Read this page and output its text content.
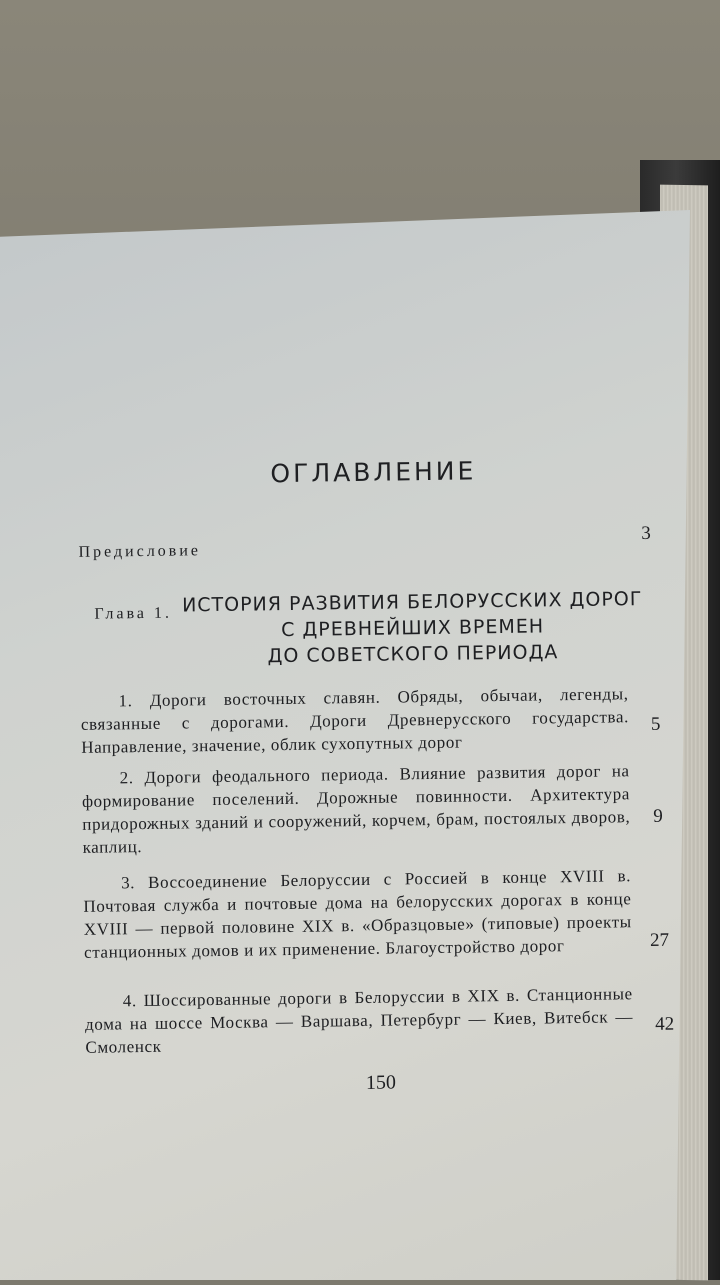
ОГЛАВЛЕНИЕ
Предисловие
3
Глава 1. ИСТОРИЯ РАЗВИТИЯ БЕЛОРУССКИХ ДОРОГ
С ДРЕВНЕЙШИХ ВРЕМЕН
ДО СОВЕТСКОГО ПЕРИОДА

1. Дороги восточных славян. Обряды, обычаи, легенды, связанные с дорогами. Дороги Древнерусского государства. Направление, значение, облик сухопутных дорог

5

2. Дороги феодального периода. Влияние развития дорог на формирование поселений. Дорожные повинности. Архитектура придорожных зданий и сооружений, корчем, брам, постоялых дворов, каплиц.

9

3. Воссоединение Белоруссии с Россией в конце XVIII в. Почтовая служба и почтовые дома на белорусских дорогах в конце XVIII — первой половине XIX в. «Образцовые» (типовые) проекты станционных домов и их применение. Благоустройство дорог	27

4. Шоссированные дороги в Белоруссии в XIX в. Станционные дома на шоссе Москва — Варшава, Петербург — Киев, Витебск — Смоленск

42
150
